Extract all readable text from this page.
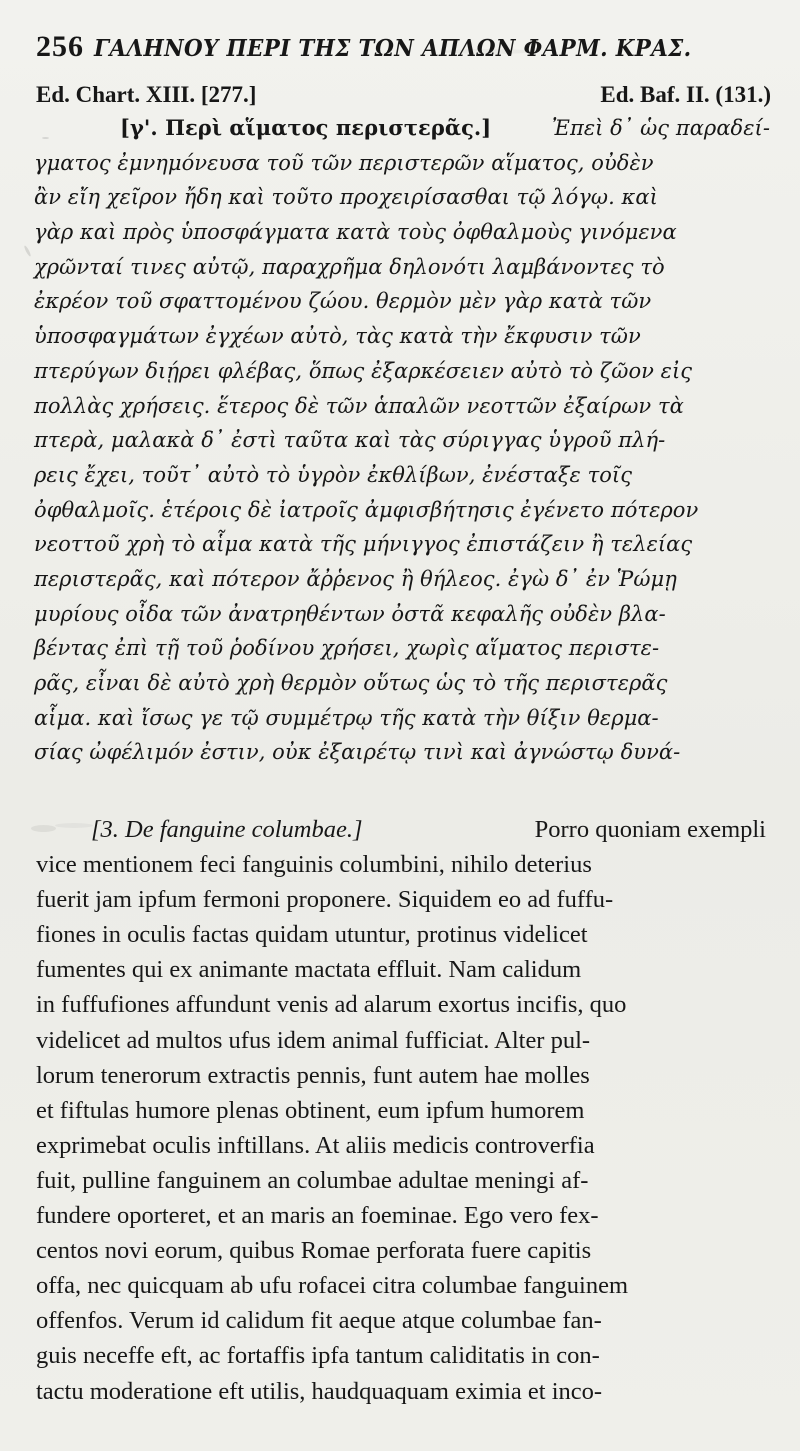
256 ΓΑΛΗΝΟΥ ΠΕΡΙ ΤΗΣ ΤΩΝ ΑΠΛΩΝ ΦΑΡΜ. ΚΡΑΣ.
Ed. Chart. XIII. [277.]	Ed. Baf. II. (131.)
[γ'. Περὶ αἵματος περιστερᾶς.]	Ἐπεὶ δ᾽ ὡς παραδεί-
γματος ἐμνημόνευσα τοῦ τῶν περιστερῶν αἵματος, οὐδὲν
ἂν εἴη χεῖρον ἤδη καὶ τοῦτο προχειρίσασθαι τῷ λόγῳ. καὶ
γὰρ καὶ πρὸς ὑποσφάγματα κατὰ τοὺς ὀφθαλμοὺς γινόμενα
χρῶνταί τινες αὐτῷ, παραχρῆμα δηλονότι λαμβάνοντες τὸ
ἐκρέον τοῦ σφαττομένου ζώου. θερμὸν μὲν γὰρ κατὰ τῶν
ὑποσφαγμάτων ἐγχέων αὐτὸ, τὰς κατὰ τὴν ἔκφυσιν τῶν
πτερύγων διῄρει φλέβας, ὅπως ἐξαρκέσειεν αὐτὸ τὸ ζῶον εἰς
πολλὰς χρήσεις. ἕτερος δὲ τῶν ἁπαλῶν νεοττῶν ἐξαίρων τὰ
πτερὰ, μαλακὰ δ᾽ ἐστὶ ταῦτα καὶ τὰς σύριγγας ὑγροῦ πλή-
ρεις ἔχει, τοῦτ᾽ αὐτὸ τὸ ὑγρὸν ἐκθλίβων, ἐνέσταξε τοῖς
ὀφθαλμοῖς. ἑτέροις δὲ ἰατροῖς ἀμφισβήτησις ἐγένετο πότερον
νεοττοῦ χρὴ τὸ αἷμα κατὰ τῆς μήνιγγος ἐπιστάζειν ἢ τελείας
περιστερᾶς, καὶ πότερον ἄῤῥενος ἢ θήλεος. ἐγὼ δ᾽ ἐν Ῥώμῃ
μυρίους οἶδα τῶν ἀνατρηθέντων ὀστᾶ κεφαλῆς οὐδὲν βλα-
βέντας ἐπὶ τῇ τοῦ ῥοδίνου χρήσει, χωρὶς αἵματος περιστε-
ρᾶς, εἶναι δὲ αὐτὸ χρὴ θερμὸν οὕτως ὡς τὸ τῆς περιστερᾶς
αἷμα. καὶ ἴσως γε τῷ συμμέτρῳ τῆς κατὰ τὴν θίξιν θερμα-
σίας ὠφέλιμόν ἐστιν, οὐκ ἐξαιρέτῳ τινὶ καὶ ἀγνώστῳ δυνά-
[3. De fanguine columbae.]	Porro quoniam exempli
vice mentionem feci fanguinis columbini, nihilo deterius
fuerit jam ipfum fermoni proponere. Siquidem eo ad fuffu-
fiones in oculis factas quidam utuntur, protinus videlicet
fumentes qui ex animante mactata effluit. Nam calidum
in fuffufiones affundunt venis ad alarum exortus incifis, quo
videlicet ad multos ufus idem animal fufficiat. Alter pul-
lorum tenerorum extractis pennis, funt autem hae molles
et fiftulas humore plenas obtinent, eum ipfum humorem
exprimebat oculis inftillans. At aliis medicis controverfia
fuit, pulline fanguinem an columbae adultae meningi af-
fundere oporteret, et an maris an foeminae. Ego vero fex-
centos novi eorum, quibus Romae perforata fuere capitis
offa, nec quicquam ab ufu rofacei citra columbae fanguinem
offenfos. Verum id calidum fit aeque atque columbae fan-
guis neceffe eft, ac fortaffis ipfa tantum caliditatis in con-
tactu moderatione eft utilis, haudquaquam eximia et inco-
